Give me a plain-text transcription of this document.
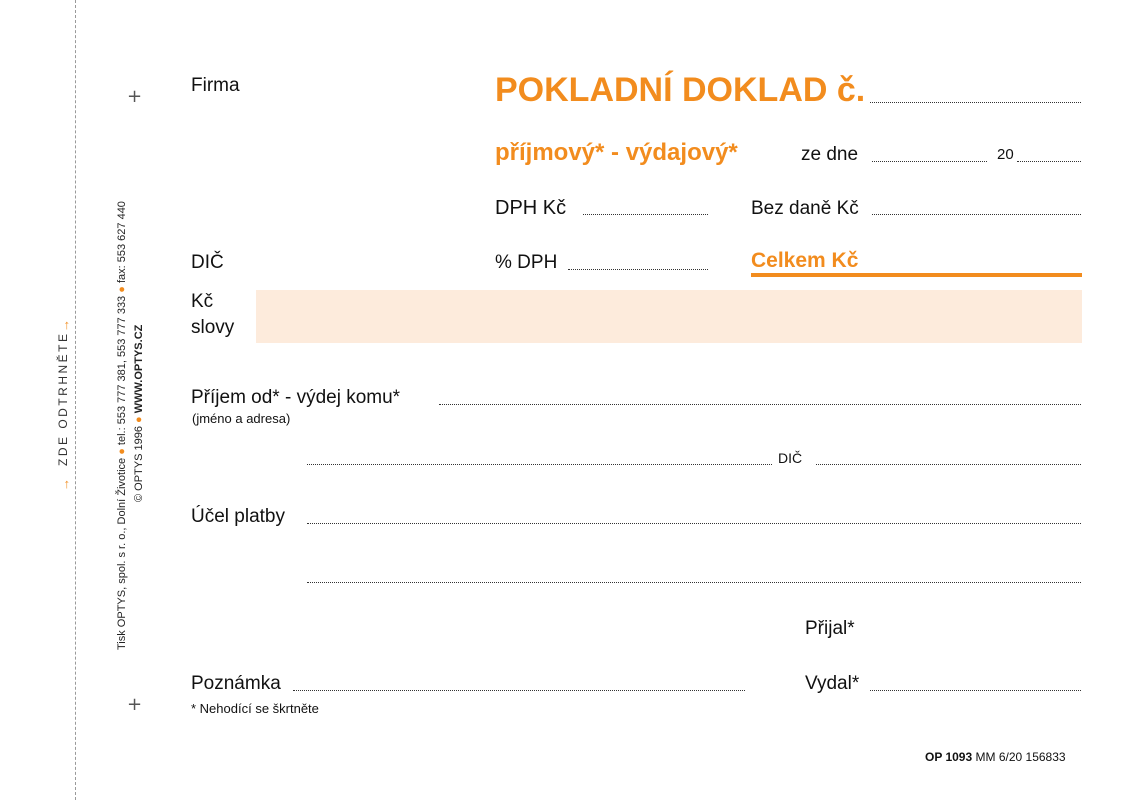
+
+
→
ZDE ODTRHNĚTE
→	Tisk OPTYS, spol. s r. o., Dolní Životice ● tel.: 553 777 381, 553 777 333 ● fax: 553 627 440
© OPTYS 1996 ● WWW.OPTYS.CZ
Firma	POKLADNÍ DOKLAD č.
příjmový* - výdajový*	ze dne	20
DPH Kč	Bez daně Kč
DIČ	% DPH	Celkem Kč
Kč
slovy
Příjem od* - výdej komu*
(jméno a adresa)
DIČ
Účel platby
Přijal*
Poznámka	Vydal*
* Nehodící se škrtněte
OP 1093 MM 6/20 156833
